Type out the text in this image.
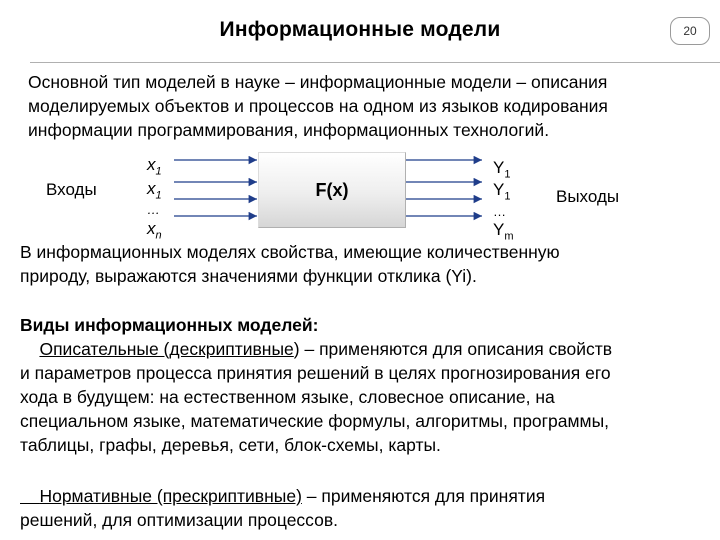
Информационные модели	20
Основной тип моделей в науке – информационные модели – описания
моделируемых объектов и процессов на одном из языков кодирования
информации программирования, информационных технологий.
Входы
$x_1$
$x_1$
…
$x_n$
F(x)
$Y_1$
$Y_1$
…
$Y_m$
Выходы
В информационных моделях свойства, имеющие количественную
природу, выражаются значениями функции отклика (Yi).
Виды информационных моделей:
Описательные (дескриптивные) – применяются для описания свойств
и параметров процесса принятия решений в целях прогнозирования его
хода в будущем: на естественном языке, словесное описание, на
специальном языке, математические формулы, алгоритмы, программы,
таблицы, графы, деревья, сети, блок-схемы, карты.
Нормативные (прескриптивные) – применяются для принятия
решений, для оптимизации процессов.
